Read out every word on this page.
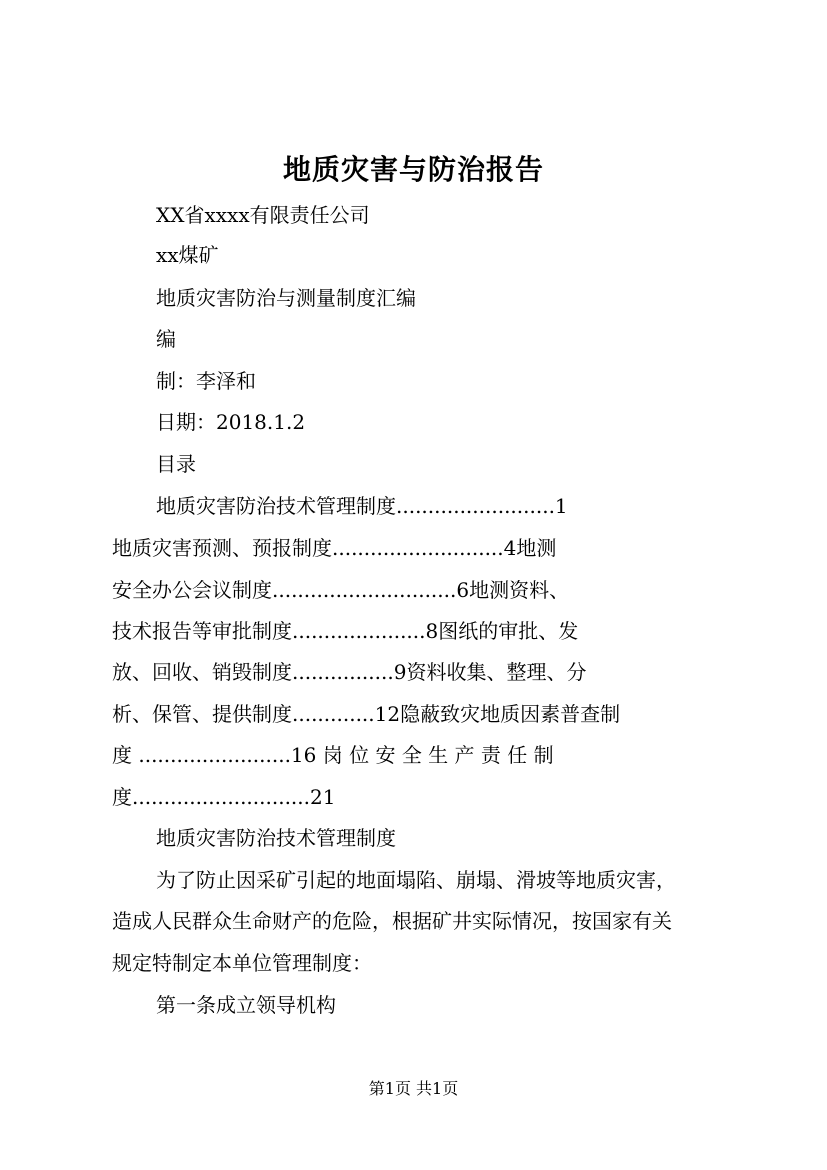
地质灾害与防治报告
XX省xxxx有限责任公司
xx煤矿
地质灾害防治与测量制度汇编
编
制：李泽和
日期：2018.1.2
目录
地质灾害防治技术管理制度.........................1
地质灾害预测、预报制度...........................4地测
安全办公会议制度.............................6地测资料、
技术报告等审批制度.....................8图纸的审批、发
放、回收、销毁制度................9资料收集、整理、分
析、保管、提供制度.............12隐蔽致灾地质因素普查制
度 ........................16 岗 位 安 全 生 产 责 任 制
度............................21
地质灾害防治技术管理制度
为了防止因采矿引起的地面塌陷、崩塌、滑坡等地质灾害，
造成人民群众生命财产的危险，根据矿井实际情况，按国家有关
规定特制定本单位管理制度：
第一条成立领导机构
第1页 共1页
